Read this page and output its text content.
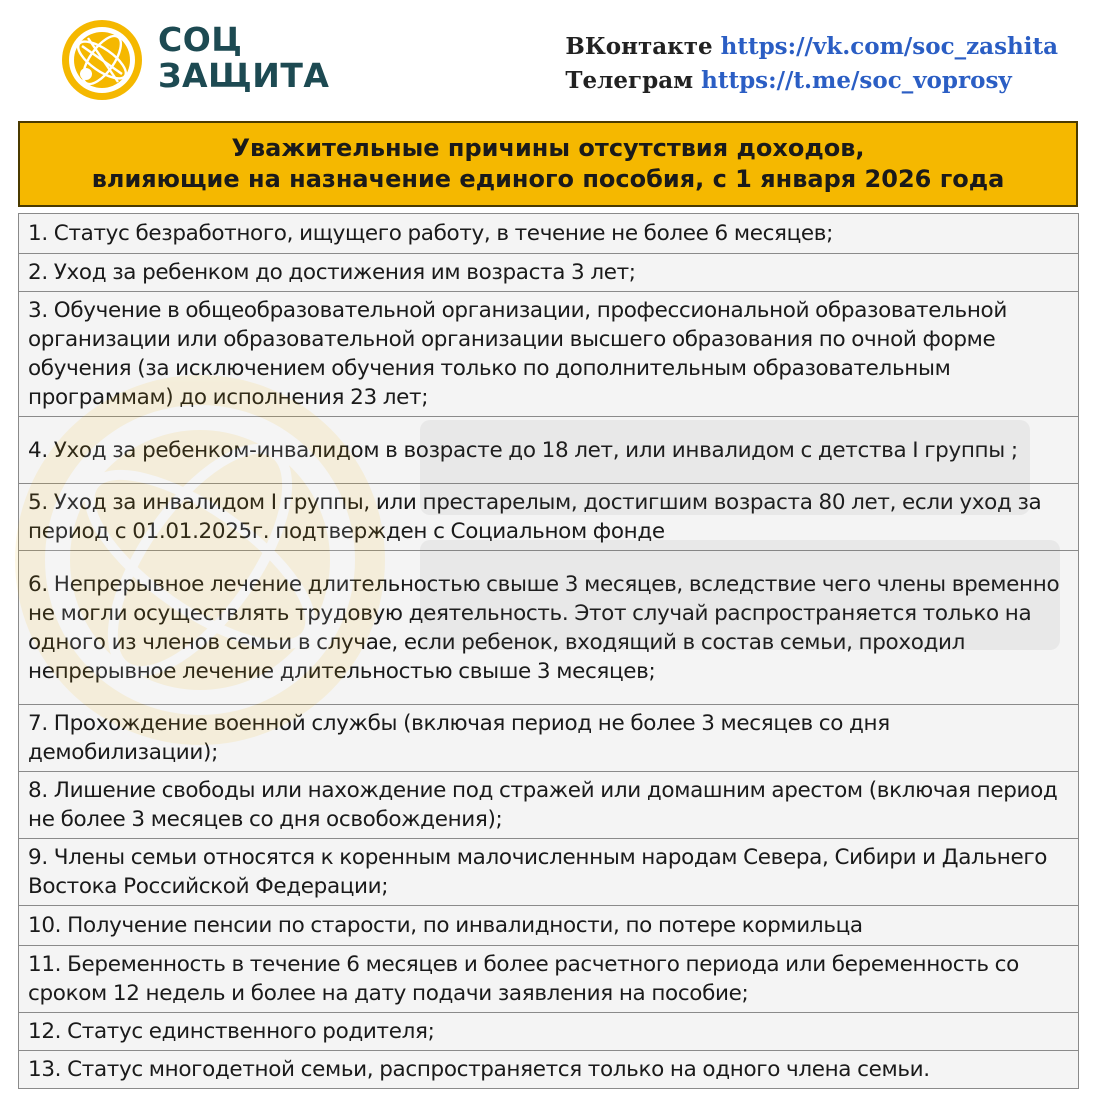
СОЦ
ЗАЩИТА
ВКонтакте https://vk.com/soc_zashita
Телеграм https://t.me/soc_voprosy
Уважительные причины отсутствия доходов,
влияющие на назначение единого пособия, с 1 января 2026 года
1. Статус безработного, ищущего работу, в течение не более 6 месяцев;
2. Уход за ребенком до достижения им возраста 3 лет;
3. Обучение в общеобразовательной организации, профессиональной образовательной организации или образовательной организации высшего образования по очной форме обучения (за исключением обучения только по дополнительным образовательным программам) до исполнения 23 лет;
4. Уход за ребенком-инвалидом в возрасте до 18 лет, или инвалидом с детства I группы ;
5. Уход за инвалидом I группы, или престарелым, достигшим возраста 80 лет, если уход за период с 01.01.2025г. подтвержден с Социальном фонде
6. Непрерывное лечение длительностью свыше 3 месяцев, вследствие чего члены временно не могли осуществлять трудовую деятельность. Этот случай распространяется только на одного из членов семьи в случае, если ребенок, входящий в состав семьи, проходил непрерывное лечение длительностью свыше 3 месяцев;
7. Прохождение военной службы (включая период не более 3 месяцев со дня демобилизации);
8. Лишение свободы или нахождение под стражей или домашним арестом (включая период не более 3 месяцев со дня освобождения);
9. Члены семьи относятся к коренным малочисленным народам Севера, Сибири и Дальнего Востока Российской Федерации;
10. Получение пенсии по старости, по инвалидности, по потере кормильца
11. Беременность в течение 6 месяцев и более расчетного периода или беременность со сроком 12 недель и более на дату подачи заявления на пособие;
12. Статус единственного родителя;
13. Статус многодетной семьи, распространяется только на одного члена семьи.
